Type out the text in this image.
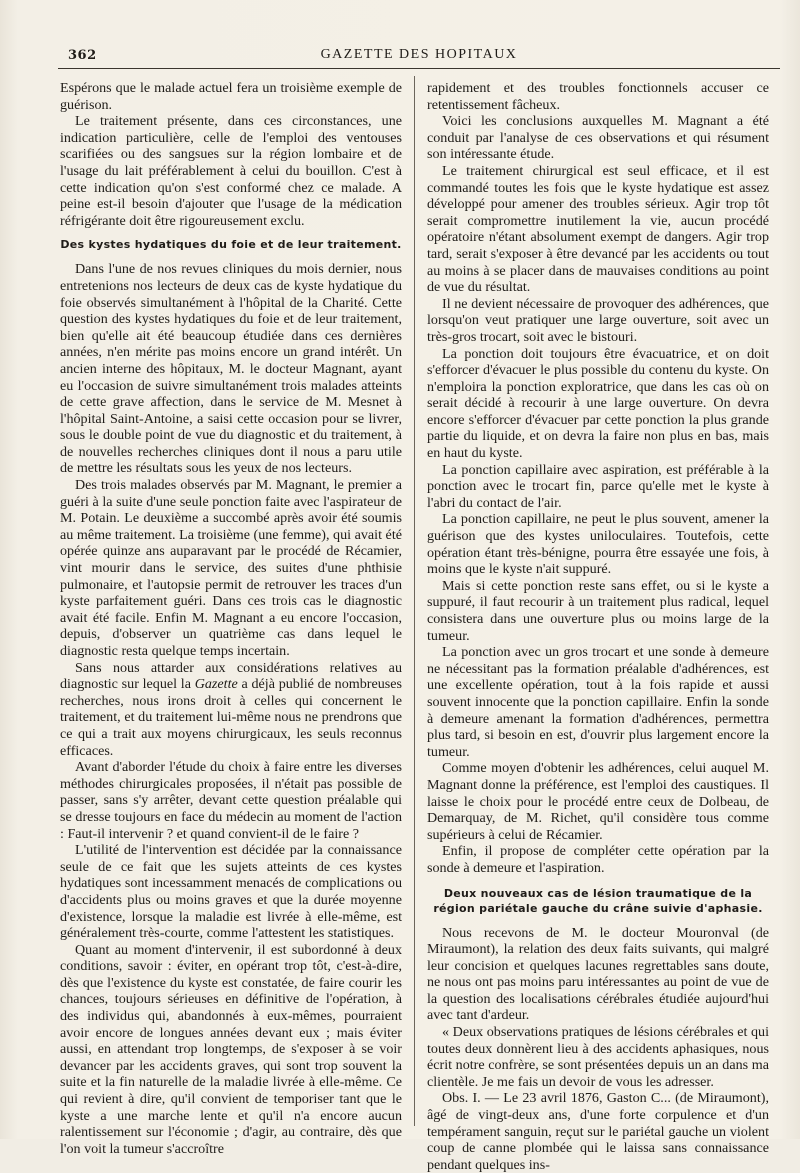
362	GAZETTE DES HOPITAUX

Espérons que le malade actuel fera un troisième exemple de guérison.

Le traitement présente, dans ces circonstances, une indication particulière, celle de l'emploi des ventouses scarifiées ou des sangsues sur la région lombaire et de l'usage du lait préférablement à celui du bouillon. C'est à cette indication qu'on s'est conformé chez ce malade. A peine est-il besoin d'ajouter que l'usage de la médication réfrigérante doit être rigoureusement exclu.

Des kystes hydatiques du foie et de leur traitement.

Dans l'une de nos revues cliniques du mois dernier, nous entretenions nos lecteurs de deux cas de kyste hydatique du foie observés simultanément à l'hôpital de la Charité. Cette question des kystes hydatiques du foie et de leur traitement, bien qu'elle ait été beaucoup étudiée dans ces dernières années, n'en mérite pas moins encore un grand intérêt. Un ancien interne des hôpitaux, M. le docteur Magnant, ayant eu l'occasion de suivre simultanément trois malades atteints de cette grave affection, dans le service de M. Mesnet à l'hôpital Saint-Antoine, a saisi cette occasion pour se livrer, sous le double point de vue du diagnostic et du traitement, à de nouvelles recherches cliniques dont il nous a paru utile de mettre les résultats sous les yeux de nos lecteurs.

Des trois malades observés par M. Magnant, le premier a guéri à la suite d'une seule ponction faite avec l'aspirateur de M. Potain. Le deuxième a succombé après avoir été soumis au même traitement. La troisième (une femme), qui avait été opérée quinze ans auparavant par le procédé de Récamier, vint mourir dans le service, des suites d'une phthisie pulmonaire, et l'autopsie permit de retrouver les traces d'un kyste parfaitement guéri. Dans ces trois cas le diagnostic avait été facile. Enfin M. Magnant a eu encore l'occasion, depuis, d'observer un quatrième cas dans lequel le diagnostic resta quelque temps incertain.

Sans nous attarder aux considérations relatives au diagnostic sur lequel la Gazette a déjà publié de nombreuses recherches, nous irons droit à celles qui concernent le traitement, et du traitement lui-même nous ne prendrons que ce qui a trait aux moyens chirurgicaux, les seuls reconnus efficaces.

Avant d'aborder l'étude du choix à faire entre les diverses méthodes chirurgicales proposées, il n'était pas possible de passer, sans s'y arrêter, devant cette question préalable qui se dresse toujours en face du médecin au moment de l'action : Faut-il intervenir ? et quand convient-il de le faire ?

L'utilité de l'intervention est décidée par la connaissance seule de ce fait que les sujets atteints de ces kystes hydatiques sont incessamment menacés de complications ou d'accidents plus ou moins graves et que la durée moyenne d'existence, lorsque la maladie est livrée à elle-même, est généralement très-courte, comme l'attestent les statistiques.

Quant au moment d'intervenir, il est subordonné à deux conditions, savoir : éviter, en opérant trop tôt, c'est-à-dire, dès que l'existence du kyste est constatée, de faire courir les chances, toujours sérieuses en définitive de l'opération, à des individus qui, abandonnés à eux-mêmes, pourraient avoir encore de longues années devant eux ; mais éviter aussi, en attendant trop longtemps, de s'exposer à se voir devancer par les accidents graves, qui sont trop souvent la suite et la fin naturelle de la maladie livrée à elle-même. Ce qui revient à dire, qu'il convient de temporiser tant que le kyste a une marche lente et qu'il n'a encore aucun ralentissement sur l'économie ; d'agir, au contraire, dès que l'on voit la tumeur s'accroître

rapidement et des troubles fonctionnels accuser ce retentissement fâcheux.

Voici les conclusions auxquelles M. Magnant a été conduit par l'analyse de ces observations et qui résument son intéressante étude.

Le traitement chirurgical est seul efficace, et il est commandé toutes les fois que le kyste hydatique est assez développé pour amener des troubles sérieux. Agir trop tôt serait compromettre inutilement la vie, aucun procédé opératoire n'étant absolument exempt de dangers. Agir trop tard, serait s'exposer à être devancé par les accidents ou tout au moins à se placer dans de mauvaises conditions au point de vue du résultat.

Il ne devient nécessaire de provoquer des adhérences, que lorsqu'on veut pratiquer une large ouverture, soit avec un très-gros trocart, soit avec le bistouri.

La ponction doit toujours être évacuatrice, et on doit s'efforcer d'évacuer le plus possible du contenu du kyste. On n'emploira la ponction exploratrice, que dans les cas où on serait décidé à recourir à une large ouverture. On devra encore s'efforcer d'évacuer par cette ponction la plus grande partie du liquide, et on devra la faire non plus en bas, mais en haut du kyste.

La ponction capillaire avec aspiration, est préférable à la ponction avec le trocart fin, parce qu'elle met le kyste à l'abri du contact de l'air.

La ponction capillaire, ne peut le plus souvent, amener la guérison que des kystes uniloculaires. Toutefois, cette opération étant très-bénigne, pourra être essayée une fois, à moins que le kyste n'ait suppuré.

Mais si cette ponction reste sans effet, ou si le kyste a suppuré, il faut recourir à un traitement plus radical, lequel consistera dans une ouverture plus ou moins large de la tumeur.

La ponction avec un gros trocart et une sonde à demeure ne nécessitant pas la formation préalable d'adhérences, est une excellente opération, tout à la fois rapide et aussi souvent innocente que la ponction capillaire. Enfin la sonde à demeure amenant la formation d'adhérences, permettra plus tard, si besoin en est, d'ouvrir plus largement encore la tumeur.

Comme moyen d'obtenir les adhérences, celui auquel M. Magnant donne la préférence, est l'emploi des caustiques. Il laisse le choix pour le procédé entre ceux de Dolbeau, de Demarquay, de M. Richet, qu'il considère tous comme supérieurs à celui de Récamier.

Enfin, il propose de compléter cette opération par la sonde à demeure et l'aspiration.

Deux nouveaux cas de lésion traumatique de la région pariétale gauche du crâne suivie d'aphasie.

Nous recevons de M. le docteur Mouronval (de Miraumont), la relation des deux faits suivants, qui malgré leur concision et quelques lacunes regrettables sans doute, ne nous ont pas moins paru intéressantes au point de vue de la question des localisations cérébrales étudiée aujourd'hui avec tant d'ardeur.

« Deux observations pratiques de lésions cérébrales et qui toutes deux donnèrent lieu à des accidents aphasiques, nous écrit notre confrère, se sont présentées depuis un an dans ma clientèle. Je me fais un devoir de vous les adresser.

Obs. I. — Le 23 avril 1876, Gaston C... (de Miraumont), âgé de vingt-deux ans, d'une forte corpulence et d'un tempérament sanguin, reçut sur le pariétal gauche un violent coup de canne plombée qui le laissa sans connaissance pendant quelques ins-
